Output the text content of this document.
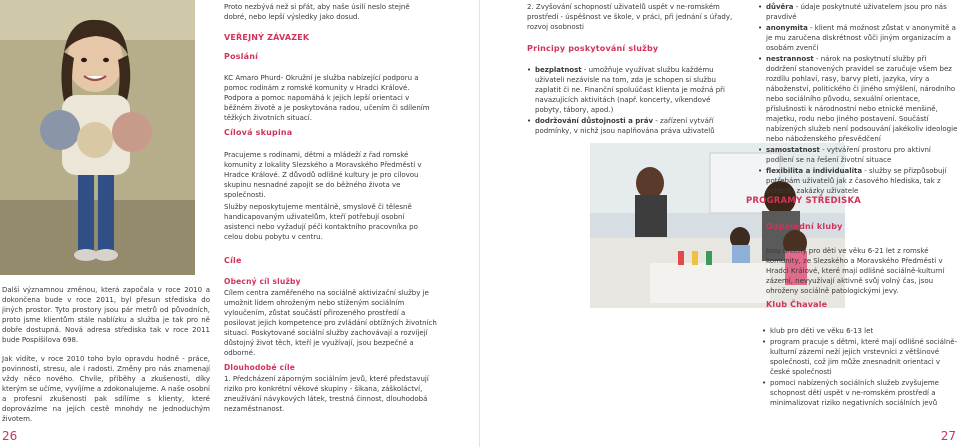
Další významnou změnou, která započala v roce 2010 a dokončena bude v roce 2011, byl přesun střediska do jiných prostor. Tyto prostory jsou pár metrů od původních, proto jsme klientům stále nablízku a služba je tak pro ně dobře dostupná. Nová adresa střediska tak v roce 2011 bude Pospíšilova 698.

Jak vidíte, v roce 2010 toho bylo opravdu hodně - práce, povinností, stresu, ale i radosti. Změny pro nás znamenají vždy něco nového. Chvíle, příběhy a zkušenosti, díky kterým se učíme, vyvíjíme a zdokonalujeme. A naše osobní a profesní zkušenosti pak sdílíme s klienty, které doprovázíme na jejich cestě mnohdy ne jednoduchým životem.

Proto nezbývá než si přát, aby naše úsilí neslo stejně dobré, nebo lepší výsledky jako dosud.
VEŘEJNÝ ZÁVAZEK
Poslání
KC Amaro Phurd- Okružní je služba nabízející podporu a pomoc rodinám z romské komunity v Hradci Králové. Podpora a pomoc napomáhá k jejich lepší orientaci v běžném životě a je poskytována radou, učením či sdílením těžkých životních situací.
Cílová skupina
Pracujeme s rodinami, dětmi a mládeží z řad romské komunity z lokality Slezského a Moravského Předměstí v Hradce Králové. Z důvodů odlišné kultury je pro cílovou skupinu nesnadné zapojit se do běžného života ve společnosti.
Služby neposkytujeme mentálně, smyslově či tělesně handicapovaným uživatelům, kteří potřebují osobní asistenci nebo vyžadují péči kontaktního pracovníka po celou dobu pobytu v centru.
Cíle
Obecný cíl služby
Cílem centra zaměřeného na sociálně aktivizační služby je umožnit lidem ohroženým nebo stiženým sociálním vyloučením, zůstat součástí přirozeného prostředí a posilovat jejich kompetence pro zvládání obtížných životních situací. Poskytované sociální služby zachovávají a rozvíjejí důstojný život těch, kteří je využívají, jsou bezpečné a odborné.
Dlouhodobé cíle
1. Předcházení záporným sociálním jevů, které představují riziko pro konkrétní věkové skupiny - šikana, záškoláctví, zneužívání návykových látek, trestná činnost, dlouhodobá nezaměstnanost.
26
2. Zvyšování schopností uživatelů uspět v ne-romském prostředí - úspěšnost ve škole, v práci, při jednání s úřady, rozvoj osobnosti
Principy poskytování služby
• bezplatnost - umožňuje využívat službu každému uživateli nezávisle na tom, zda je schopen si službu zaplatit či ne. Finanční spoluúčast klienta je možná při navazujících aktivitách (např. koncerty, víkendové pobyty, tábory, apod.)
• dodržování důstojnosti a práv - zařízení vytváří podmínky, v nichž jsou naplňována práva uživatelů
• důvěra - údaje poskytnuté uživatelem jsou pro nás pravdivé
• anonymita - klient má možnost zůstat v anonymitě a je mu zaručena diskrétnost vůči jiným organizacím a osobám zvenčí
• nestrannost - nárok na poskytnutí služby při dodržení stanovených pravidel se zaručuje všem bez rozdílu pohlaví, rasy, barvy pleti, jazyka, víry a náboženství, politického či jiného smýšlení, národního nebo sociálního původu, sexuální orientace, příslušnosti k národnostní nebo etnické menšině, majetku, rodu nebo jiného postavení. Součástí nabízených služeb není podsouvání jakékoliv ideologie nebo náboženského přesvědčení
• samostatnost - vytváření prostoru pro aktivní podílení se na řešení životní situace
• flexibilita a individualita - služby se přizpůsobují potřebám uživatelů jak z časového hlediska, tak z pohledu zakázky uživatele
PROGRAMY STŘEDISKA
Odpolední kluby
Jsou určeny pro děti ve věku 6-21 let z romské komunity, ze Slezského a Moravského Předměstí v Hradci Králové, které mají odlišné sociálně-kulturní zázemí, nevyužívají aktivně svůj volný čas, jsou ohroženy sociálně patologickými jevy.
Klub Čhavale
• klub pro děti ve věku 6-13 let
• program pracuje s dětmi, které mají odlišné sociálně-kulturní zázemí neží jejich vrstevníci z většinové společnosti, což jim může znesnadnit orientaci v české společnosti
• pomoci nabízených sociálních služeb zvyšujeme schopnost dětí uspět v ne-romském prostředí a minimalizovat riziko negativních sociálních jevů
27
